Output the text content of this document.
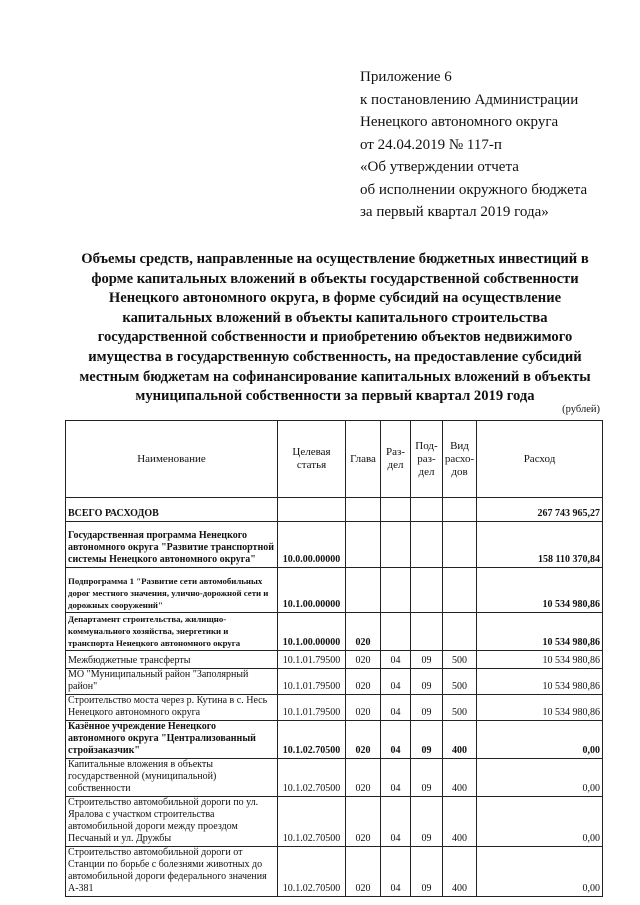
Приложение 6
к постановлению Администрации
Ненецкого автономного округа
от 24.04.2019 № 117-п
«Об утверждении отчета
об исполнении окружного бюджета
за первый квартал 2019 года»
Объемы средств, направленные на осуществление бюджетных инвестиций в
форме капитальных вложений в объекты государственной собственности
Ненецкого автономного округа, в форме субсидий на осуществление
капитальных вложений в объекты капитального строительства
государственной собственности и приобретению объектов недвижимого
имущества в государственную собственность, на предоставление субсидий
местным бюджетам на софинансирование капитальных вложений в объекты
муниципальной собственности за первый квартал 2019 года
(рублей)
Наименование	Целевая статья	Глава	Раз-дел	Под-раз-дел	Вид расхо-дов	Расход
ВСЕГО РАСХОДОВ						267 743 965,27
Государственная программа Ненецкого автономного округа "Развитие транспортной системы Ненецкого автономного округа"	10.0.00.00000					158 110 370,84
Подпрограмма 1 "Развитие сети автомобильных дорог местного значения, улично-дорожной сети и дорожных сооружений"	10.1.00.00000					10 534 980,86
Департамент строительства, жилищно-коммунального хозяйства, энергетики и транспорта Ненецкого автономного округа	10.1.00.00000	020				10 534 980,86
Межбюджетные трансферты	10.1.01.79500	020	04	09	500	10 534 980,86
МО "Муниципальный район "Заполярный район"	10.1.01.79500	020	04	09	500	10 534 980,86
Строительство моста через р. Кутина в с. Несь Ненецкого автономного округа	10.1.01.79500	020	04	09	500	10 534 980,86
Казённое учреждение Ненецкого автономного округа "Централизованный стройзаказчик"	10.1.02.70500	020	04	09	400	0,00
Капитальные вложения в объекты государственной (муниципальной) собственности	10.1.02.70500	020	04	09	400	0,00
Строительство автомобильной дороги по ул. Яралова с участком строительства автомобильной дороги между проездом Песчаный и ул. Дружбы	10.1.02.70500	020	04	09	400	0,00
Строительство автомобильной дороги от Станции по борьбе с болезнями животных до автомобильной дороги федерального значения А-381	10.1.02.70500	020	04	09	400	0,00
